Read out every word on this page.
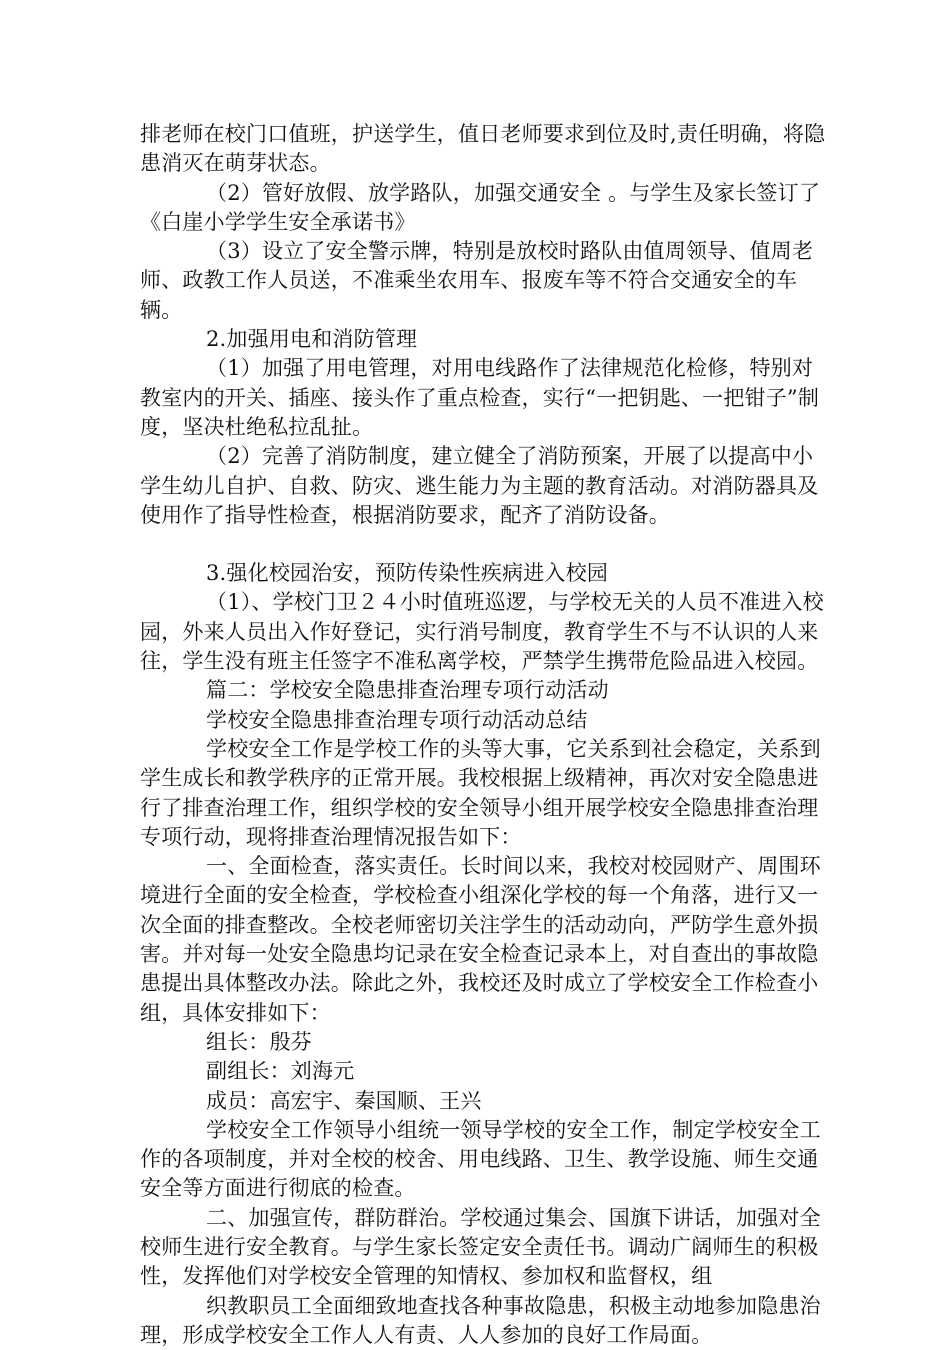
排老师在校门口值班，护送学生，值日老师要求到位及时,责任明确，将隐患消灭在萌芽状态。

（2）管好放假、放学路队，加强交通安全 。与学生及家长签订了《白崖小学学生安全承诺书》

（3）设立了安全警示牌，特别是放校时路队由值周领导、值周老师、政教工作人员送，不准乘坐农用车、报废车等不符合交通安全的车辆。

2.加强用电和消防管理

（1）加强了用电管理，对用电线路作了法律规范化检修，特别对教室内的开关、插座、接头作了重点检查，实行“一把钥匙、一把钳子”制度，坚决杜绝私拉乱扯。

（2）完善了消防制度，建立健全了消防预案，开展了以提高中小学生幼儿自护、自救、防灾、逃生能力为主题的教育活动。对消防器具及使用作了指导性检查，根据消防要求，配齐了消防设备。

3.强化校园治安，预防传染性疾病进入校园

（1）、学校门卫２４小时值班巡逻，与学校无关的人员不准进入校园，外来人员出入作好登记，实行消号制度，教育学生不与不认识的人来往，学生没有班主任签字不准私离学校，严禁学生携带危险品进入校园。

篇二：学校安全隐患排查治理专项行动活动

学校安全隐患排查治理专项行动活动总结

学校安全工作是学校工作的头等大事，它关系到社会稳定，关系到学生成长和教学秩序的正常开展。我校根据上级精神，再次对安全隐患进行了排查治理工作，组织学校的安全领导小组开展学校安全隐患排查治理专项行动，现将排查治理情况报告如下：

一、全面检查，落实责任。长时间以来，我校对校园财产、周围环境进行全面的安全检查，学校检查小组深化学校的每一个角落，进行又一次全面的排查整改。全校老师密切关注学生的活动动向，严防学生意外损害。并对每一处安全隐患均记录在安全检查记录本上，对自查出的事故隐患提出具体整改办法。除此之外，我校还及时成立了学校安全工作检查小组，具体安排如下：

组长：殷芬

副组长：刘海元

成员：高宏宇、秦国顺、王兴

学校安全工作领导小组统一领导学校的安全工作，制定学校安全工作的各项制度，并对全校的校舍、用电线路、卫生、教学设施、师生交通安全等方面进行彻底的检查。

二、加强宣传，群防群治。学校通过集会、国旗下讲话，加强对全校师生进行安全教育。与学生家长签定安全责任书。调动广阔师生的积极性，发挥他们对学校安全管理的知情权、参加权和监督权，组

织教职员工全面细致地查找各种事故隐患，积极主动地参加隐患治理，形成学校安全工作人人有责、人人参加的良好工作局面。
